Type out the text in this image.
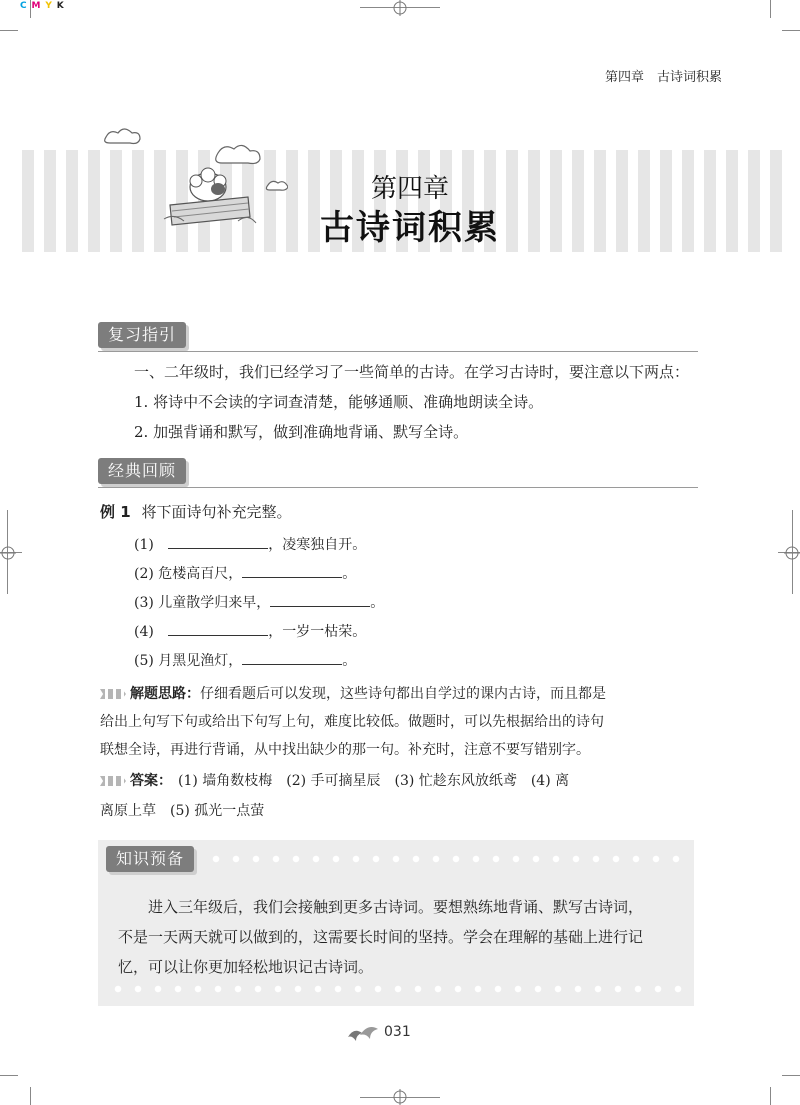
C M Y K
第四章　古诗词积累
第四章
古诗词积累
复习指引
一、二年级时，我们已经学习了一些简单的古诗。在学习古诗时，要注意以下两点：
1. 将诗中不会读的字词查清楚，能够通顺、准确地朗读全诗。
2. 加强背诵和默写，做到准确地背诵、默写全诗。
经典回顾
例 1 将下面诗句补充完整。
(1)	，凌寒独自开。
(2) 危楼高百尺，	。
(3) 儿童散学归来早，	。
(4)	，一岁一枯荣。
(5) 月黑见渔灯，	。
解题思路：仔细看题后可以发现，这些诗句都出自学过的课内古诗，而且都是
给出上句写下句或给出下句写上句，难度比较低。做题时，可以先根据给出的诗句
联想全诗，再进行背诵，从中找出缺少的那一句。补充时，注意不要写错别字。
答案： (1) 墙角数枝梅　(2) 手可摘星辰　(3) 忙趁东风放纸鸢　(4) 离
离原上草　(5) 孤光一点萤
知识预备
进入三年级后，我们会接触到更多古诗词。要想熟练地背诵、默写古诗词，
不是一天两天就可以做到的，这需要长时间的坚持。学会在理解的基础上进行记
忆，可以让你更加轻松地识记古诗词。
031
